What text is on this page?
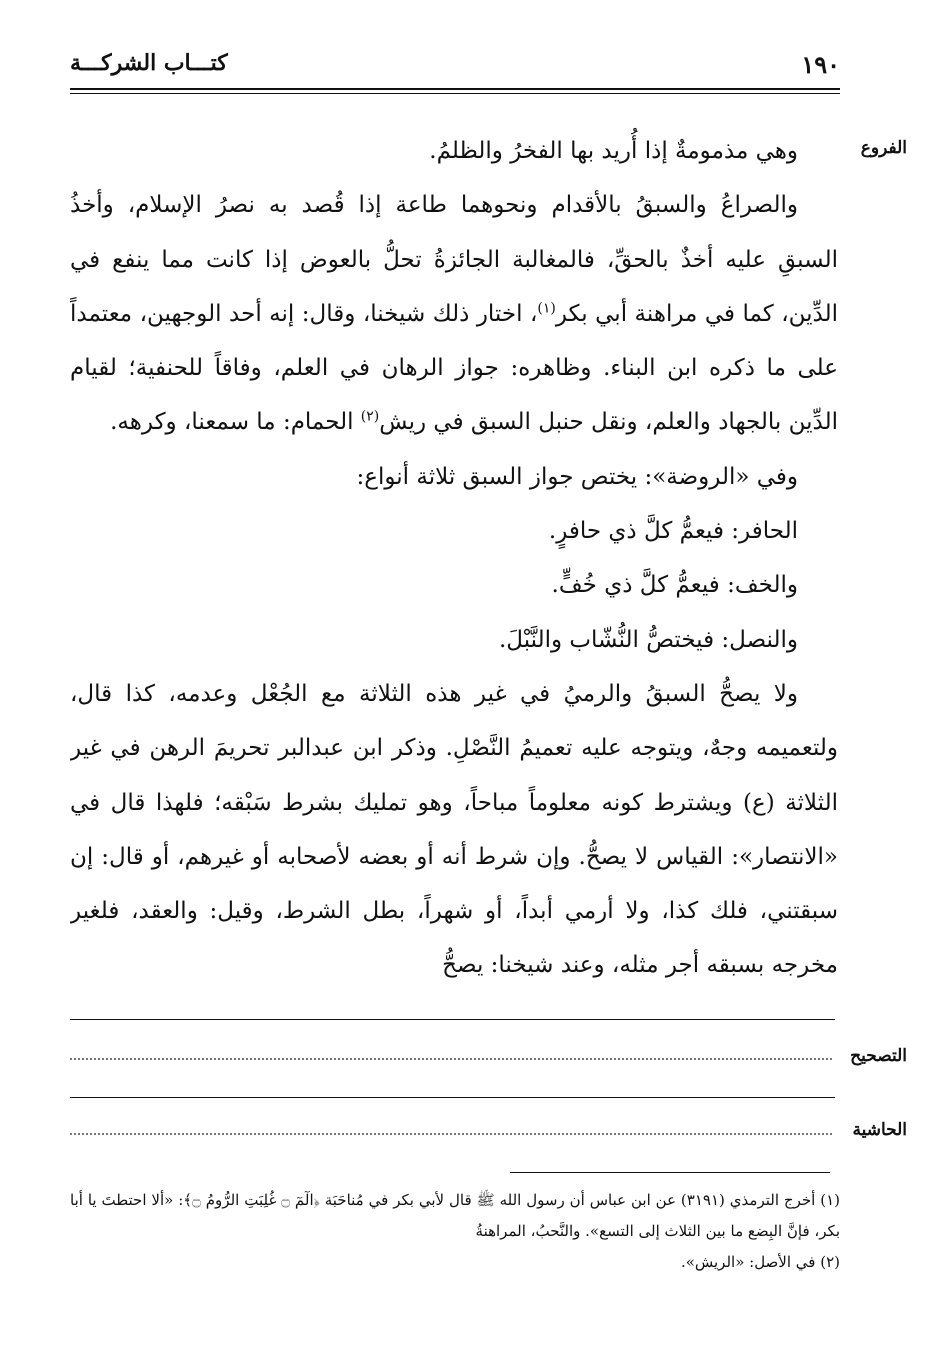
١٩٠
كتـــاب الشركـــة
الفروع

وهي مذمومةٌ إذا أُريد بها الفخرُ والظلمُ.

والصراعُ والسبقُ بالأقدام ونحوهما طاعة إذا قُصد به نصرُ الإسلام، وأخذُ السبقِ عليه أخذٌ بالحقِّ، فالمغالبة الجائزةُ تحلُّ بالعوض إذا كانت مما ينفع في الدِّين، كما في مراهنة أبي بكر$^{(١)}$، اختار ذلك شيخنا، وقال: إنه أحد الوجهين، معتمداً على ما ذكره ابن البناء. وظاهره: جواز الرهان في العلم، وفاقاً للحنفية؛ لقيام الدِّين بالجهاد والعلم، ونقل حنبل السبق في ريش$^{(٢)}$ الحمام: ما سمعنا، وكرهه.

وفي «الروضة»: يختص جواز السبق ثلاثة أنواع:

الحافر: فيعمُّ كلَّ ذي حافرٍ.

والخف: فيعمُّ كلَّ ذي خُفٍّ.

والنصل: فيختصُّ النُّشّاب والنَّبْلَ.

ولا يصحُّ السبقُ والرميُ في غير هذه الثلاثة مع الجُعْل وعدمه، كذا قال، ولتعميمه وجهٌ، ويتوجه عليه تعميمُ النَّصْلِ. وذكر ابن عبدالبر تحريمَ الرهن في غير الثلاثة (ع) ويشترط كونه معلوماً مباحاً، وهو تمليك بشرط سَبْقه؛ فلهذا قال في «الانتصار»: القياس لا يصحُّ. وإن شرط أنه أو بعضه لأصحابه أو غيرهم، أو قال: إن سبقتني، فلك كذا، ولا أرمي أبداً، أو شهراً، بطل الشرط، وقيل: والعقد، فلغير مخرجه بسبقه أجر مثله، وعند شيخنا: يصحُّ

التصحيح
الحاشية

(١) أخرج الترمذي (٣١٩١) عن ابن عباس أن رسول الله ﷺ قال لأبي بكر في مُناحَبَة ﴿الٓمٓ ۝ غُلِبَتِ الرُّومُ ۝﴾: «ألا احتطتَ يا أبا بكر، فإنَّ البِضع ما بين الثلاث إلى التسع». والنَّحبُ، المراهنةُ

(٢) في الأصل: «الريش».
